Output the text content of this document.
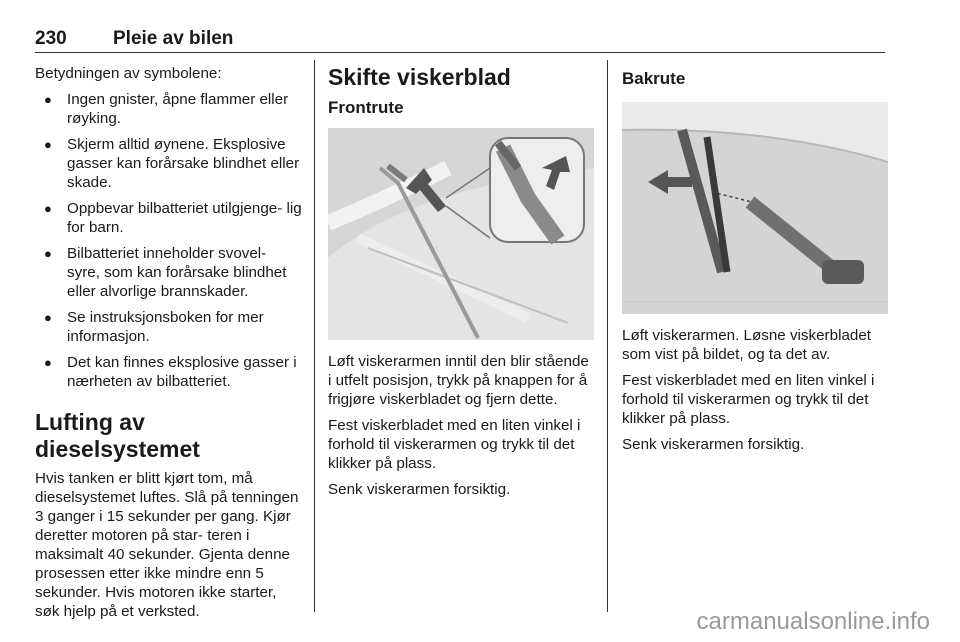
230 Pleie av bilen

Betydningen av symbolene:

● Ingen gnister, åpne flammer eller røyking.
● Skjerm alltid øynene. Eksplosive gasser kan forårsake blindhet eller skade.
● Oppbevar bilbatteriet utilgjenge- lig for barn.
● Bilbatteriet inneholder svovel- syre, som kan forårsake blindhet eller alvorlige brannskader.
● Se instruksjonsboken for mer informasjon.
● Det kan finnes eksplosive gasser i nærheten av bilbatteriet.
Lufting av dieselsystemet

Hvis tanken er blitt kjørt tom, må dieselsystemet luftes. Slå på tenningen 3 ganger i 15 sekunder per gang. Kjør deretter motoren på star- teren i maksimalt 40 sekunder. Gjenta denne prosessen etter ikke mindre enn 5 sekunder. Hvis motoren ikke starter, søk hjelp på et verksted.

Skifte viskerblad
Frontrute

Løft viskerarmen inntil den blir stående i utfelt posisjon, trykk på knappen for å frigjøre viskerbladet og fjern dette.

Fest viskerbladet med en liten vinkel i forhold til viskerarmen og trykk til det klikker på plass.

Senk viskerarmen forsiktig.

Bakrute

Løft viskerarmen. Løsne viskerbladet som vist på bildet, og ta det av.

Fest viskerbladet med en liten vinkel i forhold til viskerarmen og trykk til det klikker på plass.

Senk viskerarmen forsiktig.

carmanualsonline.info
